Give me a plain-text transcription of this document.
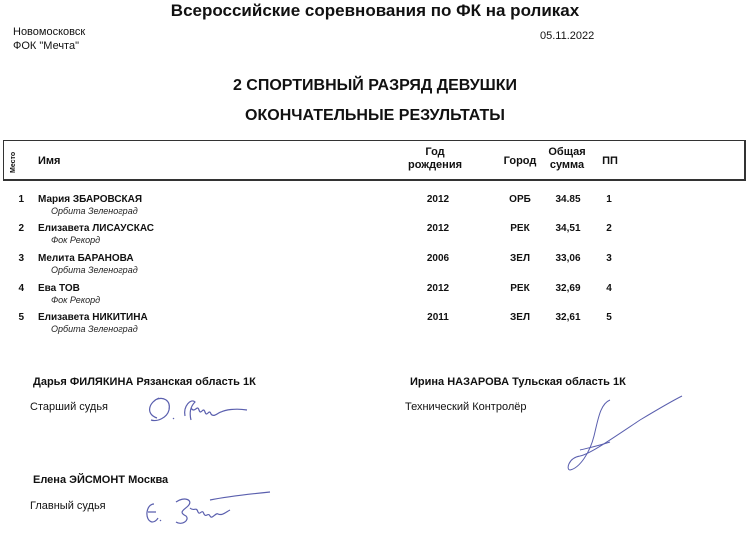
Всероссийские соревнования по ФК на роликах
Новомосковск
ФОК "Мечта"
05.11.2022
2 СПОРТИВНЫЙ РАЗРЯД ДЕВУШКИ
ОКОНЧАТЕЛЬНЫЕ РЕЗУЛЬТАТЫ
Место	Имя
Год
рождения	Город
Общая
сумма	ПП
1 Мария ЗБАРОВСКАЯ
Орбита Зеленоград
2012	ОРБ	34.85	1
2 Елизавета ЛИСАУСКАС
Фок Рекорд
2012	РЕК	34,51	2
3 Мелита БАРАНОВА
Орбита Зеленоград
2006	ЗЕЛ	33,06	3
4 Ева ТОВ
Фок Рекорд
2012	РЕК	32,69	4
5 Елизавета НИКИТИНА
Орбита Зеленоград
2011	ЗЕЛ	32,61	5
Дарья ФИЛЯКИНА Рязанская область 1К
Старший судья
Ирина НАЗАРОВА Тульская область 1К
Технический Контролёр
Елена ЭЙСМОНТ Москва
Главный судья
